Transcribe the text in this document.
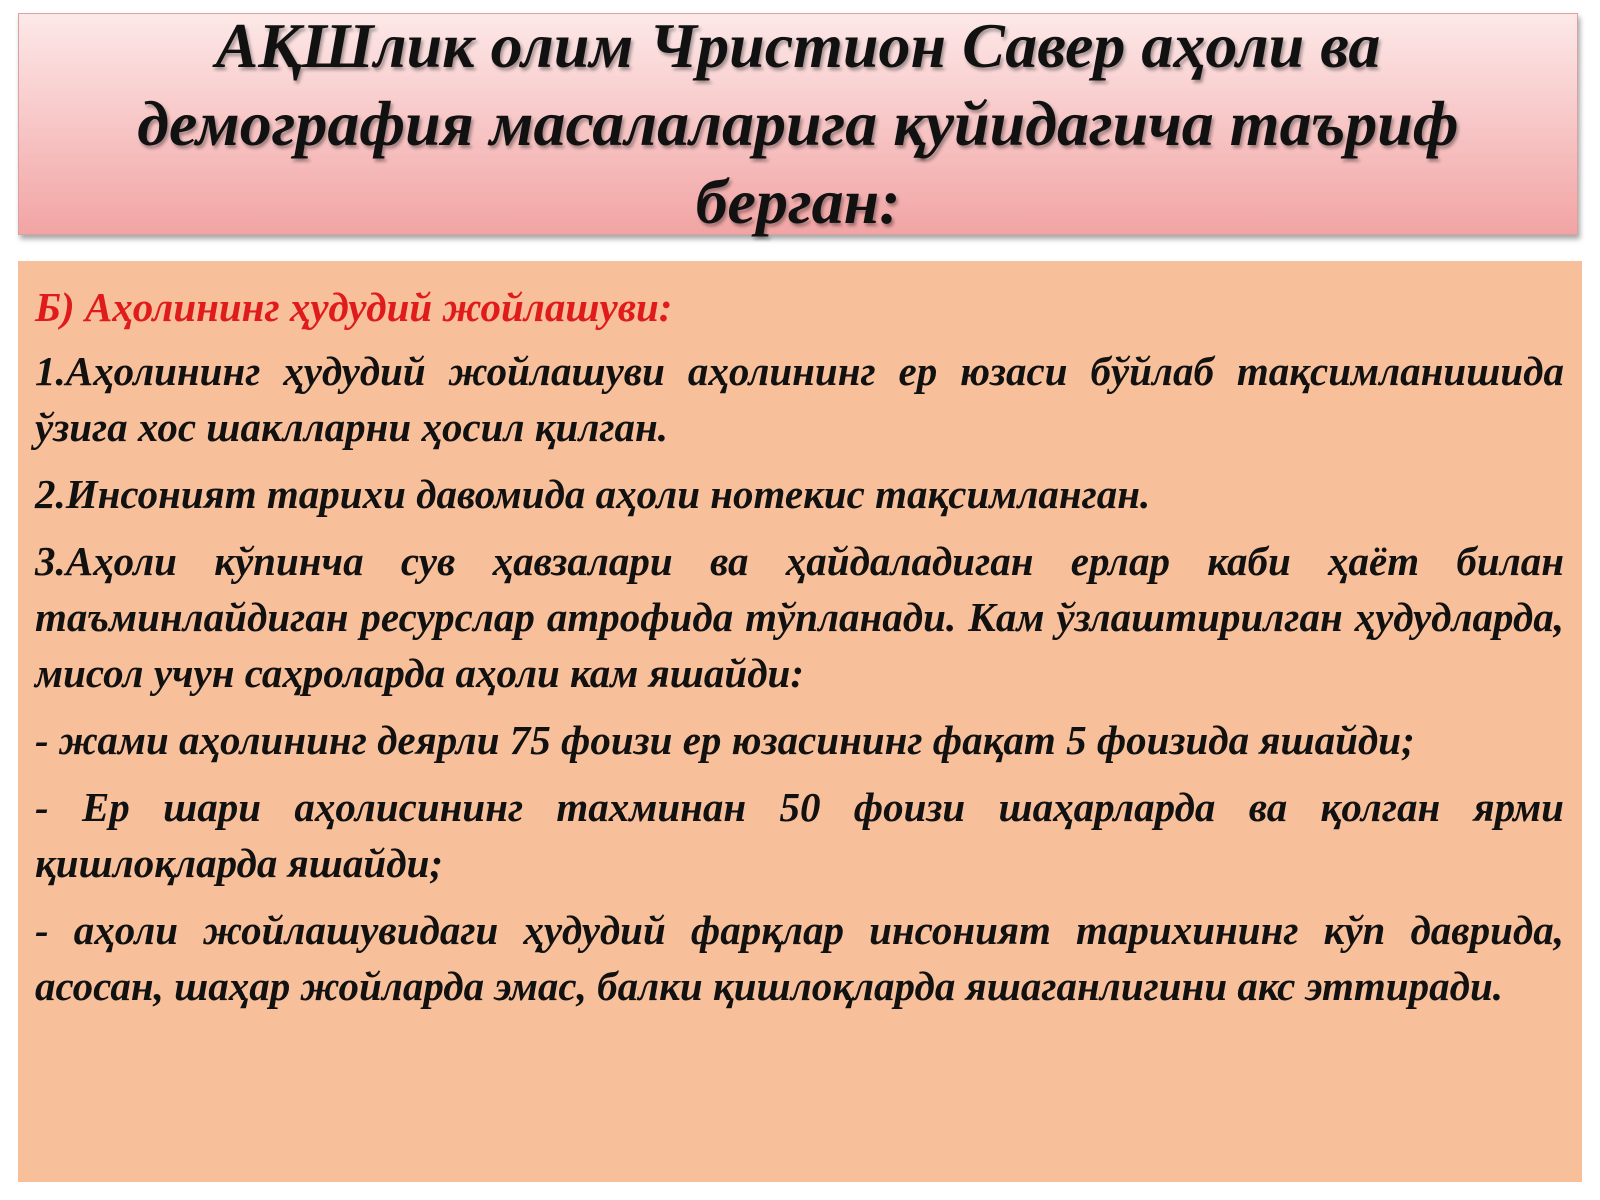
АҚШлик олим Чристион Савер аҳоли ва демография масалаларига қуйидагича таъриф берган:

Б) Аҳолининг ҳудудий жойлашуви:

1.Аҳолининг ҳудудий жойлашуви аҳолининг ер юзаси бўйлаб тақсимланишида ўзига хос шаклларни ҳосил қилган.

2.Инсоният тарихи давомида аҳоли нотекис тақсимланган.

3.Аҳоли кўпинча сув ҳавзалари ва ҳайдаладиган ерлар каби ҳаёт билан таъминлайдиган ресурслар атрофида тўпланади. Кам ўзлаштирилган ҳудудларда, мисол учун саҳроларда аҳоли кам яшайди:

- жами аҳолининг деярли 75 фоизи ер юзасининг фақат 5 фоизида яшайди;

- Ер шари аҳолисининг тахминан 50 фоизи шаҳарларда ва қолган ярми қишлоқларда яшайди;

- аҳоли жойлашувидаги ҳудудий фарқлар инсоният тарихининг кўп даврида, асосан, шаҳар жойларда эмас, балки қишлоқларда яшаганлигини акс эттиради.
